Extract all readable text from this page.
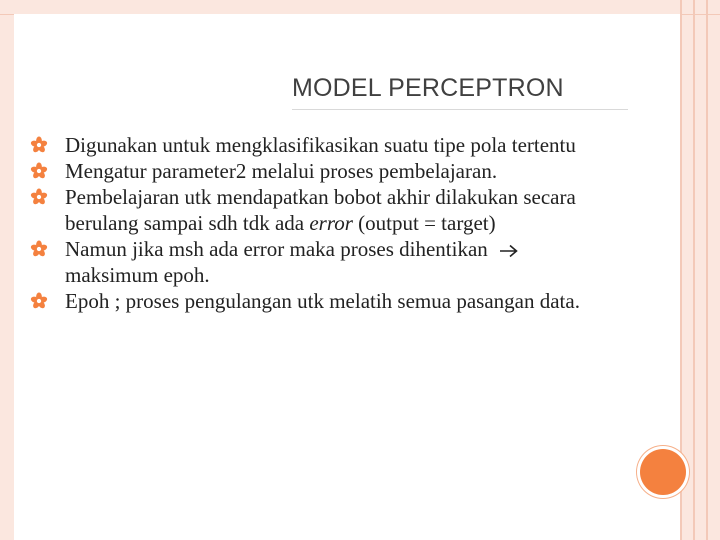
MODEL PERCEPTRON
Digunakan untuk mengklasifikasikan suatu tipe pola tertentu
Mengatur parameter2 melalui proses pembelajaran.
Pembelajaran utk mendapatkan bobot akhir dilakukan secara berulang sampai sdh tdk ada error (output = target)
Namun jika msh ada error maka proses dihentikan  maksimum epoh.
Epoh ; proses pengulangan utk melatih semua pasangan data.
